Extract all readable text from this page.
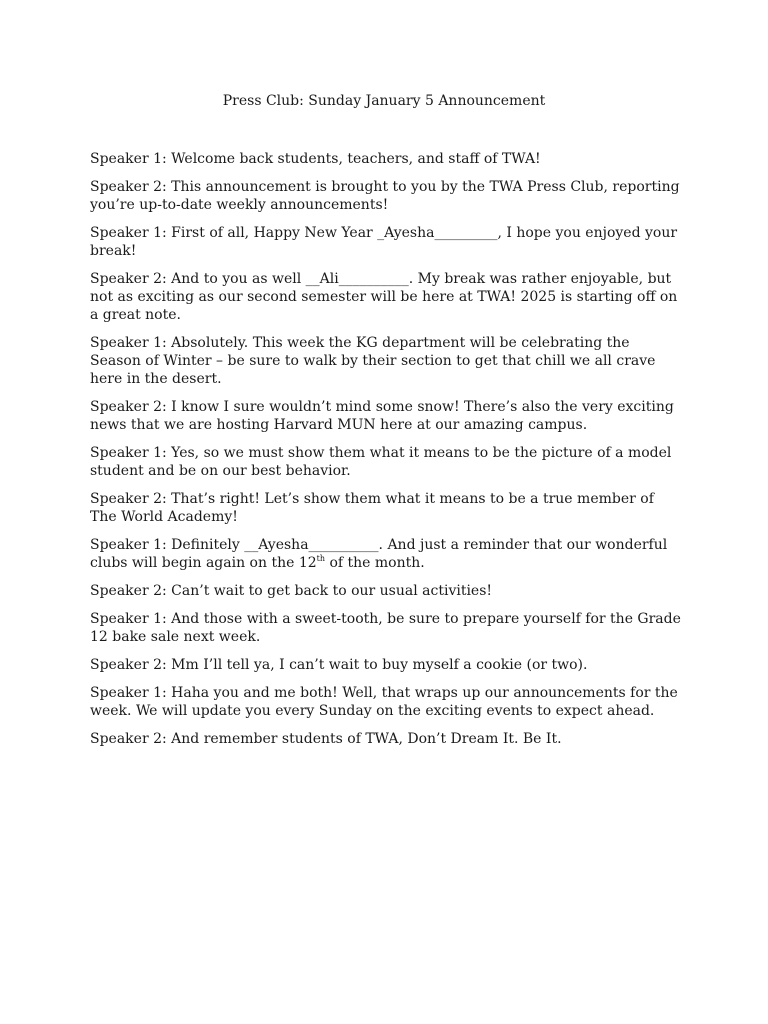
Press Club: Sunday January 5 Announcement

Speaker 1: Welcome back students, teachers, and staff of TWA!

Speaker 2: This announcement is brought to you by the TWA Press Club, reporting you’re up-to-date weekly announcements!

Speaker 1: First of all, Happy New Year _Ayesha_________, I hope you enjoyed your break!

Speaker 2: And to you as well __Ali__________. My break was rather enjoyable, but not as exciting as our second semester will be here at TWA! 2025 is starting off on a great note.

Speaker 1: Absolutely. This week the KG department will be celebrating the Season of Winter – be sure to walk by their section to get that chill we all crave here in the desert.

Speaker 2: I know I sure wouldn’t mind some snow! There’s also the very exciting news that we are hosting Harvard MUN here at our amazing campus.

Speaker 1: Yes, so we must show them what it means to be the picture of a model student and be on our best behavior.

Speaker 2: That’s right! Let’s show them what it means to be a true member of The World Academy!

Speaker 1: Definitely __Ayesha__________. And just a reminder that our wonderful clubs will begin again on the 12th of the month.

Speaker 2: Can’t wait to get back to our usual activities!

Speaker 1: And those with a sweet-tooth, be sure to prepare yourself for the Grade 12 bake sale next week.

Speaker 2: Mm I’ll tell ya, I can’t wait to buy myself a cookie (or two).

Speaker 1: Haha you and me both! Well, that wraps up our announcements for the week. We will update you every Sunday on the exciting events to expect ahead.

Speaker 2: And remember students of TWA, Don’t Dream It. Be It.
